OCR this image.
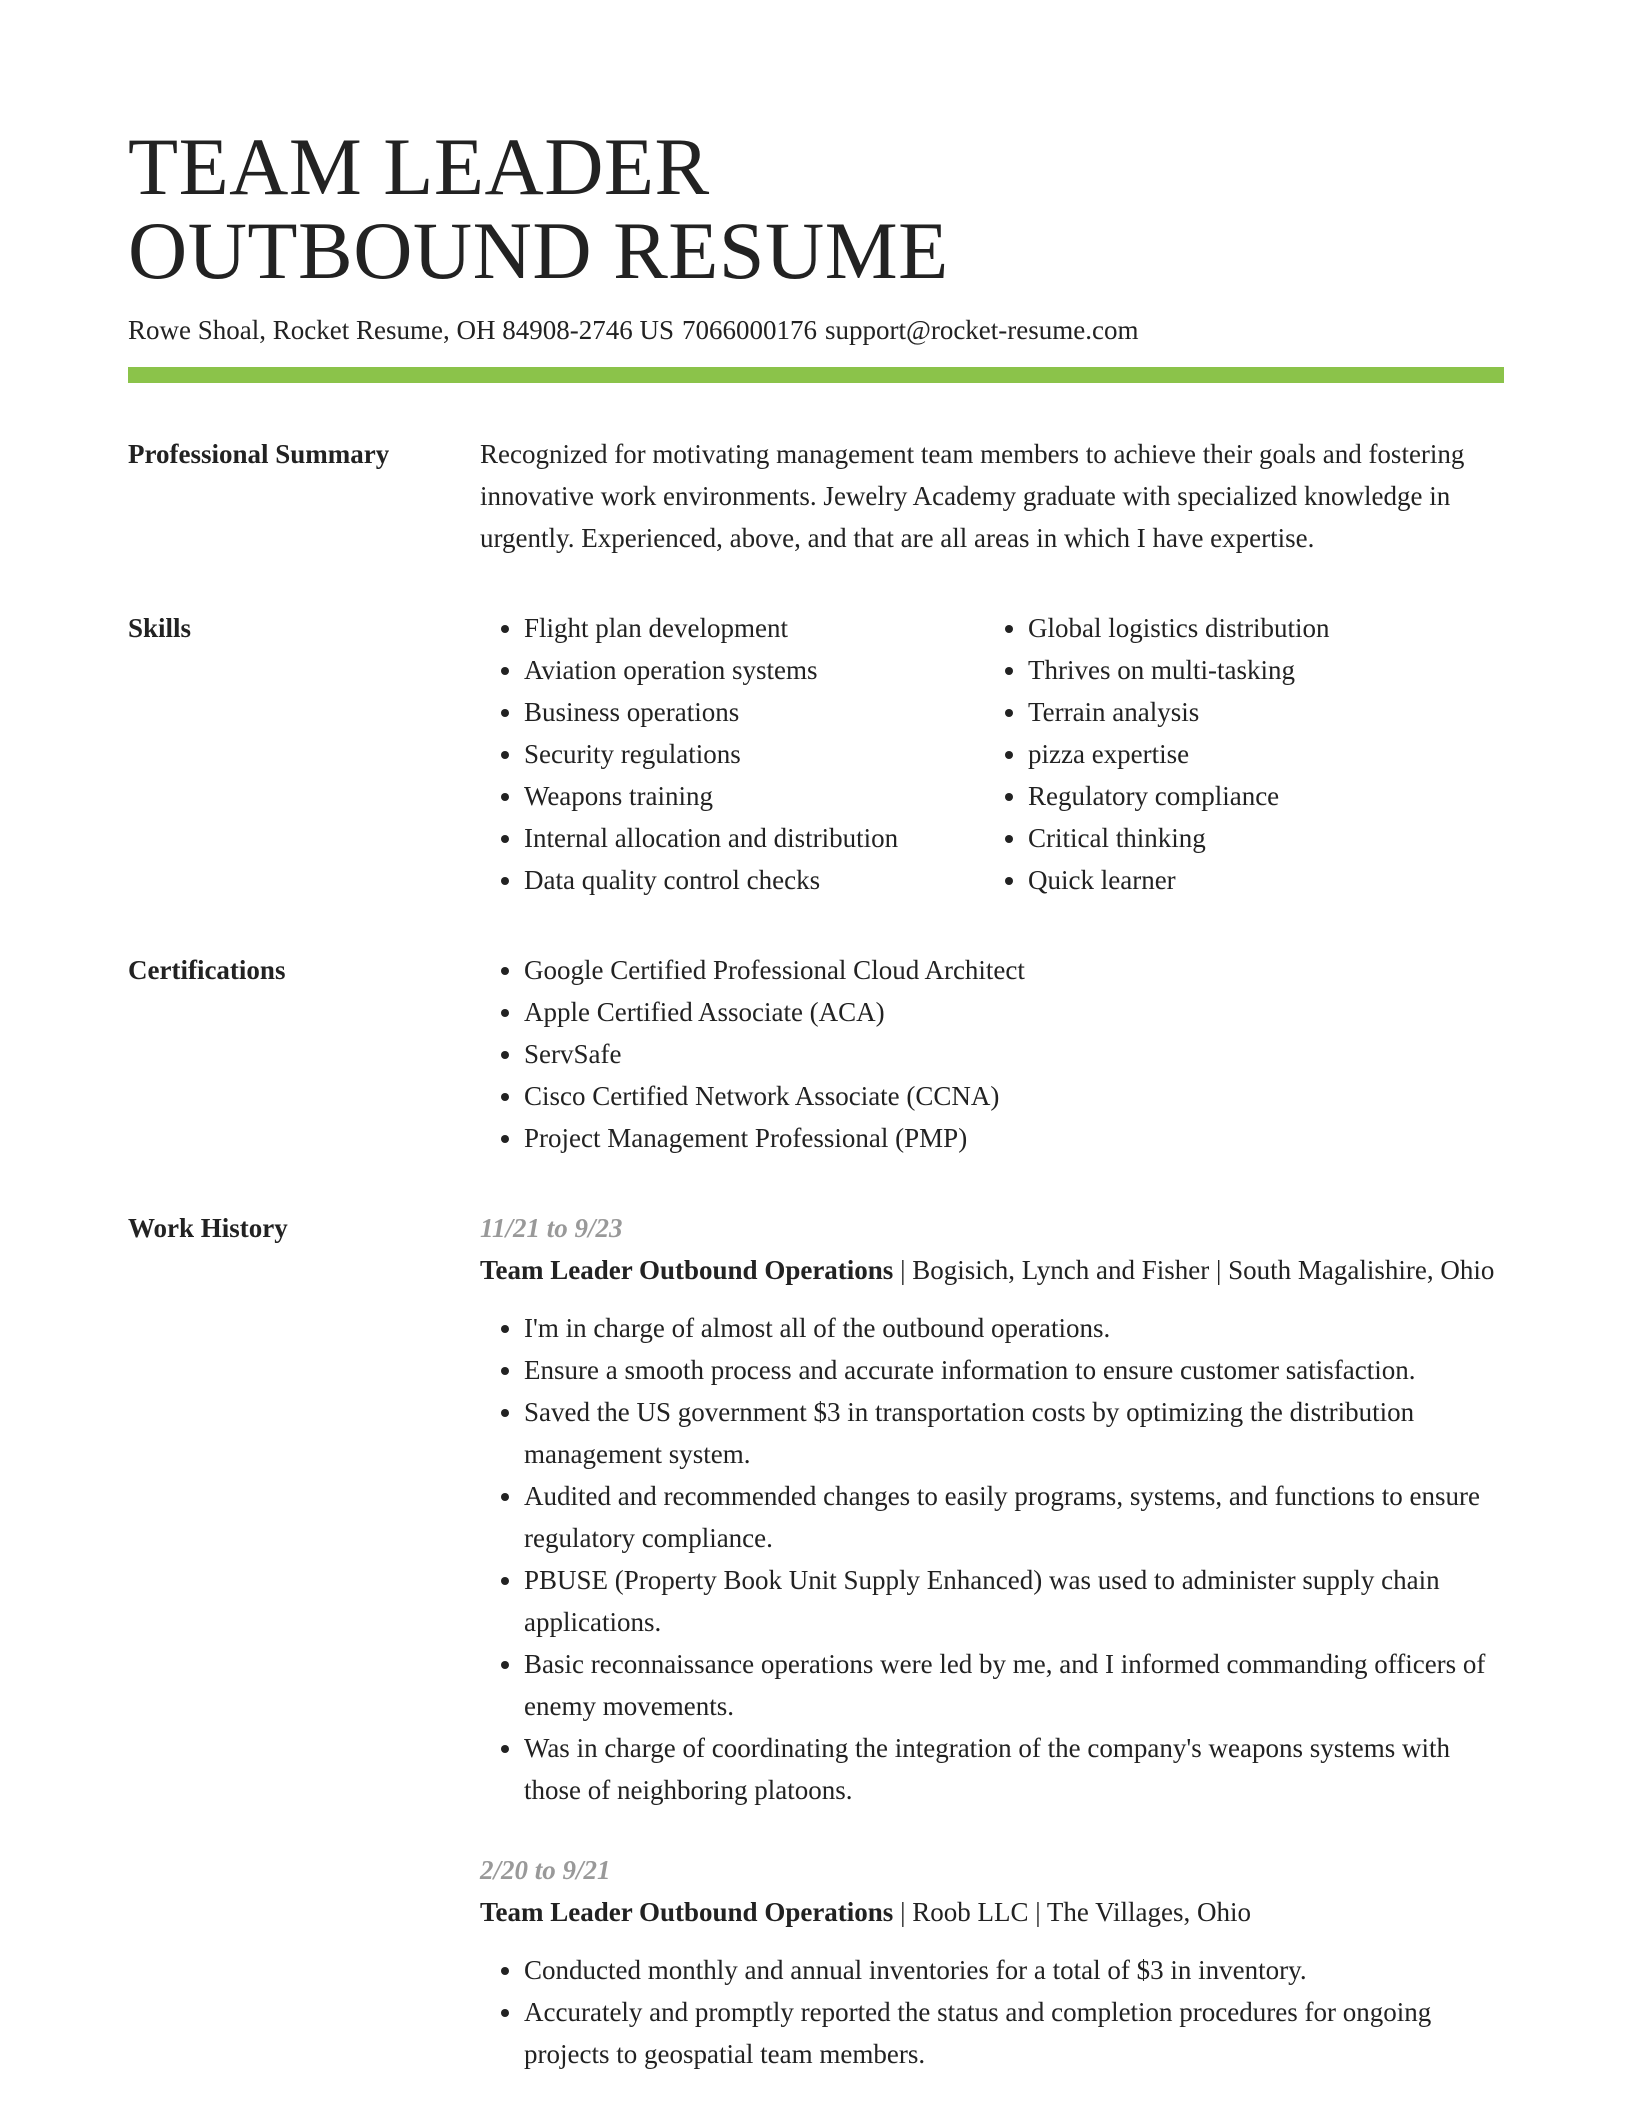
TEAM LEADER
OUTBOUND RESUME
Rowe Shoal, Rocket Resume, OH 84908-2746 US 7066000176 support@rocket-resume.com
Professional Summary	Recognized for motivating management team members to achieve their goals and fostering innovative work environments. Jewelry Academy graduate with specialized knowledge in urgently. Experienced, above, and that are all areas in which I have expertise.

Skills	• Flight plan development
• Aviation operation systems
• Business operations
• Security regulations
• Weapons training
• Internal allocation and distribution
• Data quality control checks
• Global logistics distribution
• Thrives on multi-tasking
• Terrain analysis
• pizza expertise
• Regulatory compliance
• Critical thinking
• Quick learner
Certifications	• Google Certified Professional Cloud Architect
• Apple Certified Associate (ACA)
• ServSafe
• Cisco Certified Network Associate (CCNA)
• Project Management Professional (PMP)
Work History	11/21 to 9/23
Team Leader Outbound Operations | Bogisich, Lynch and Fisher | South Magalishire, Ohio
• I'm in charge of almost all of the outbound operations.
• Ensure a smooth process and accurate information to ensure customer satisfaction.
• Saved the US government $3 in transportation costs by optimizing the distribution management system.
• Audited and recommended changes to easily programs, systems, and functions to ensure regulatory compliance.
• PBUSE (Property Book Unit Supply Enhanced) was used to administer supply chain applications.
• Basic reconnaissance operations were led by me, and I informed commanding officers of enemy movements.
• Was in charge of coordinating the integration of the company's weapons systems with those of neighboring platoons.
2/20 to 9/21
Team Leader Outbound Operations | Roob LLC | The Villages, Ohio
• Conducted monthly and annual inventories for a total of $3 in inventory.
• Accurately and promptly reported the status and completion procedures for ongoing projects to geospatial team members.
